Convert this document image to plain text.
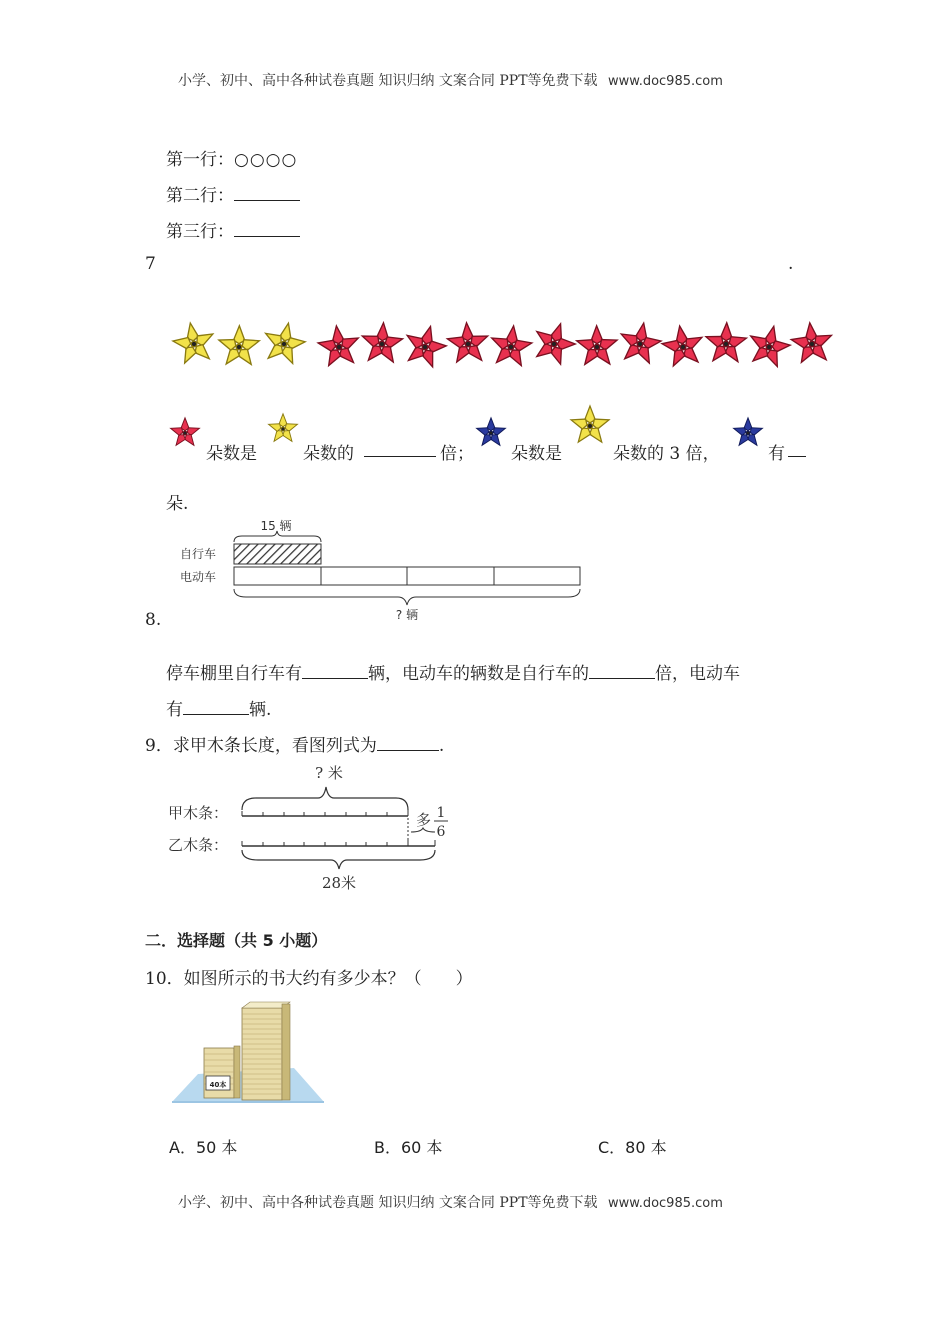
小学、初中、高中各种试卷真题 知识归纳 文案合同 PPT等免费下载 www.doc985.com
第一行：○○○○
第二行：
第三行：
7	.
朵数是	朵数的	倍； 朵数是	朵数的 3 倍，	有
朵.
15 辆
自行车
电动车
? 辆
8.
停车棚里自行车有	辆，电动车的辆数是自行车的	倍，电动车
有	辆.
9．求甲木条长度，看图列式为	.
? 米
甲木条：	多 1
6
乙木条：
28米
二．选择题（共 5 小题）
10．如图所示的书大约有多少本？（　　）
40本
A．50 本	B．60 本	C．80 本
小学、初中、高中各种试卷真题 知识归纳 文案合同 PPT等免费下载 www.doc985.com
